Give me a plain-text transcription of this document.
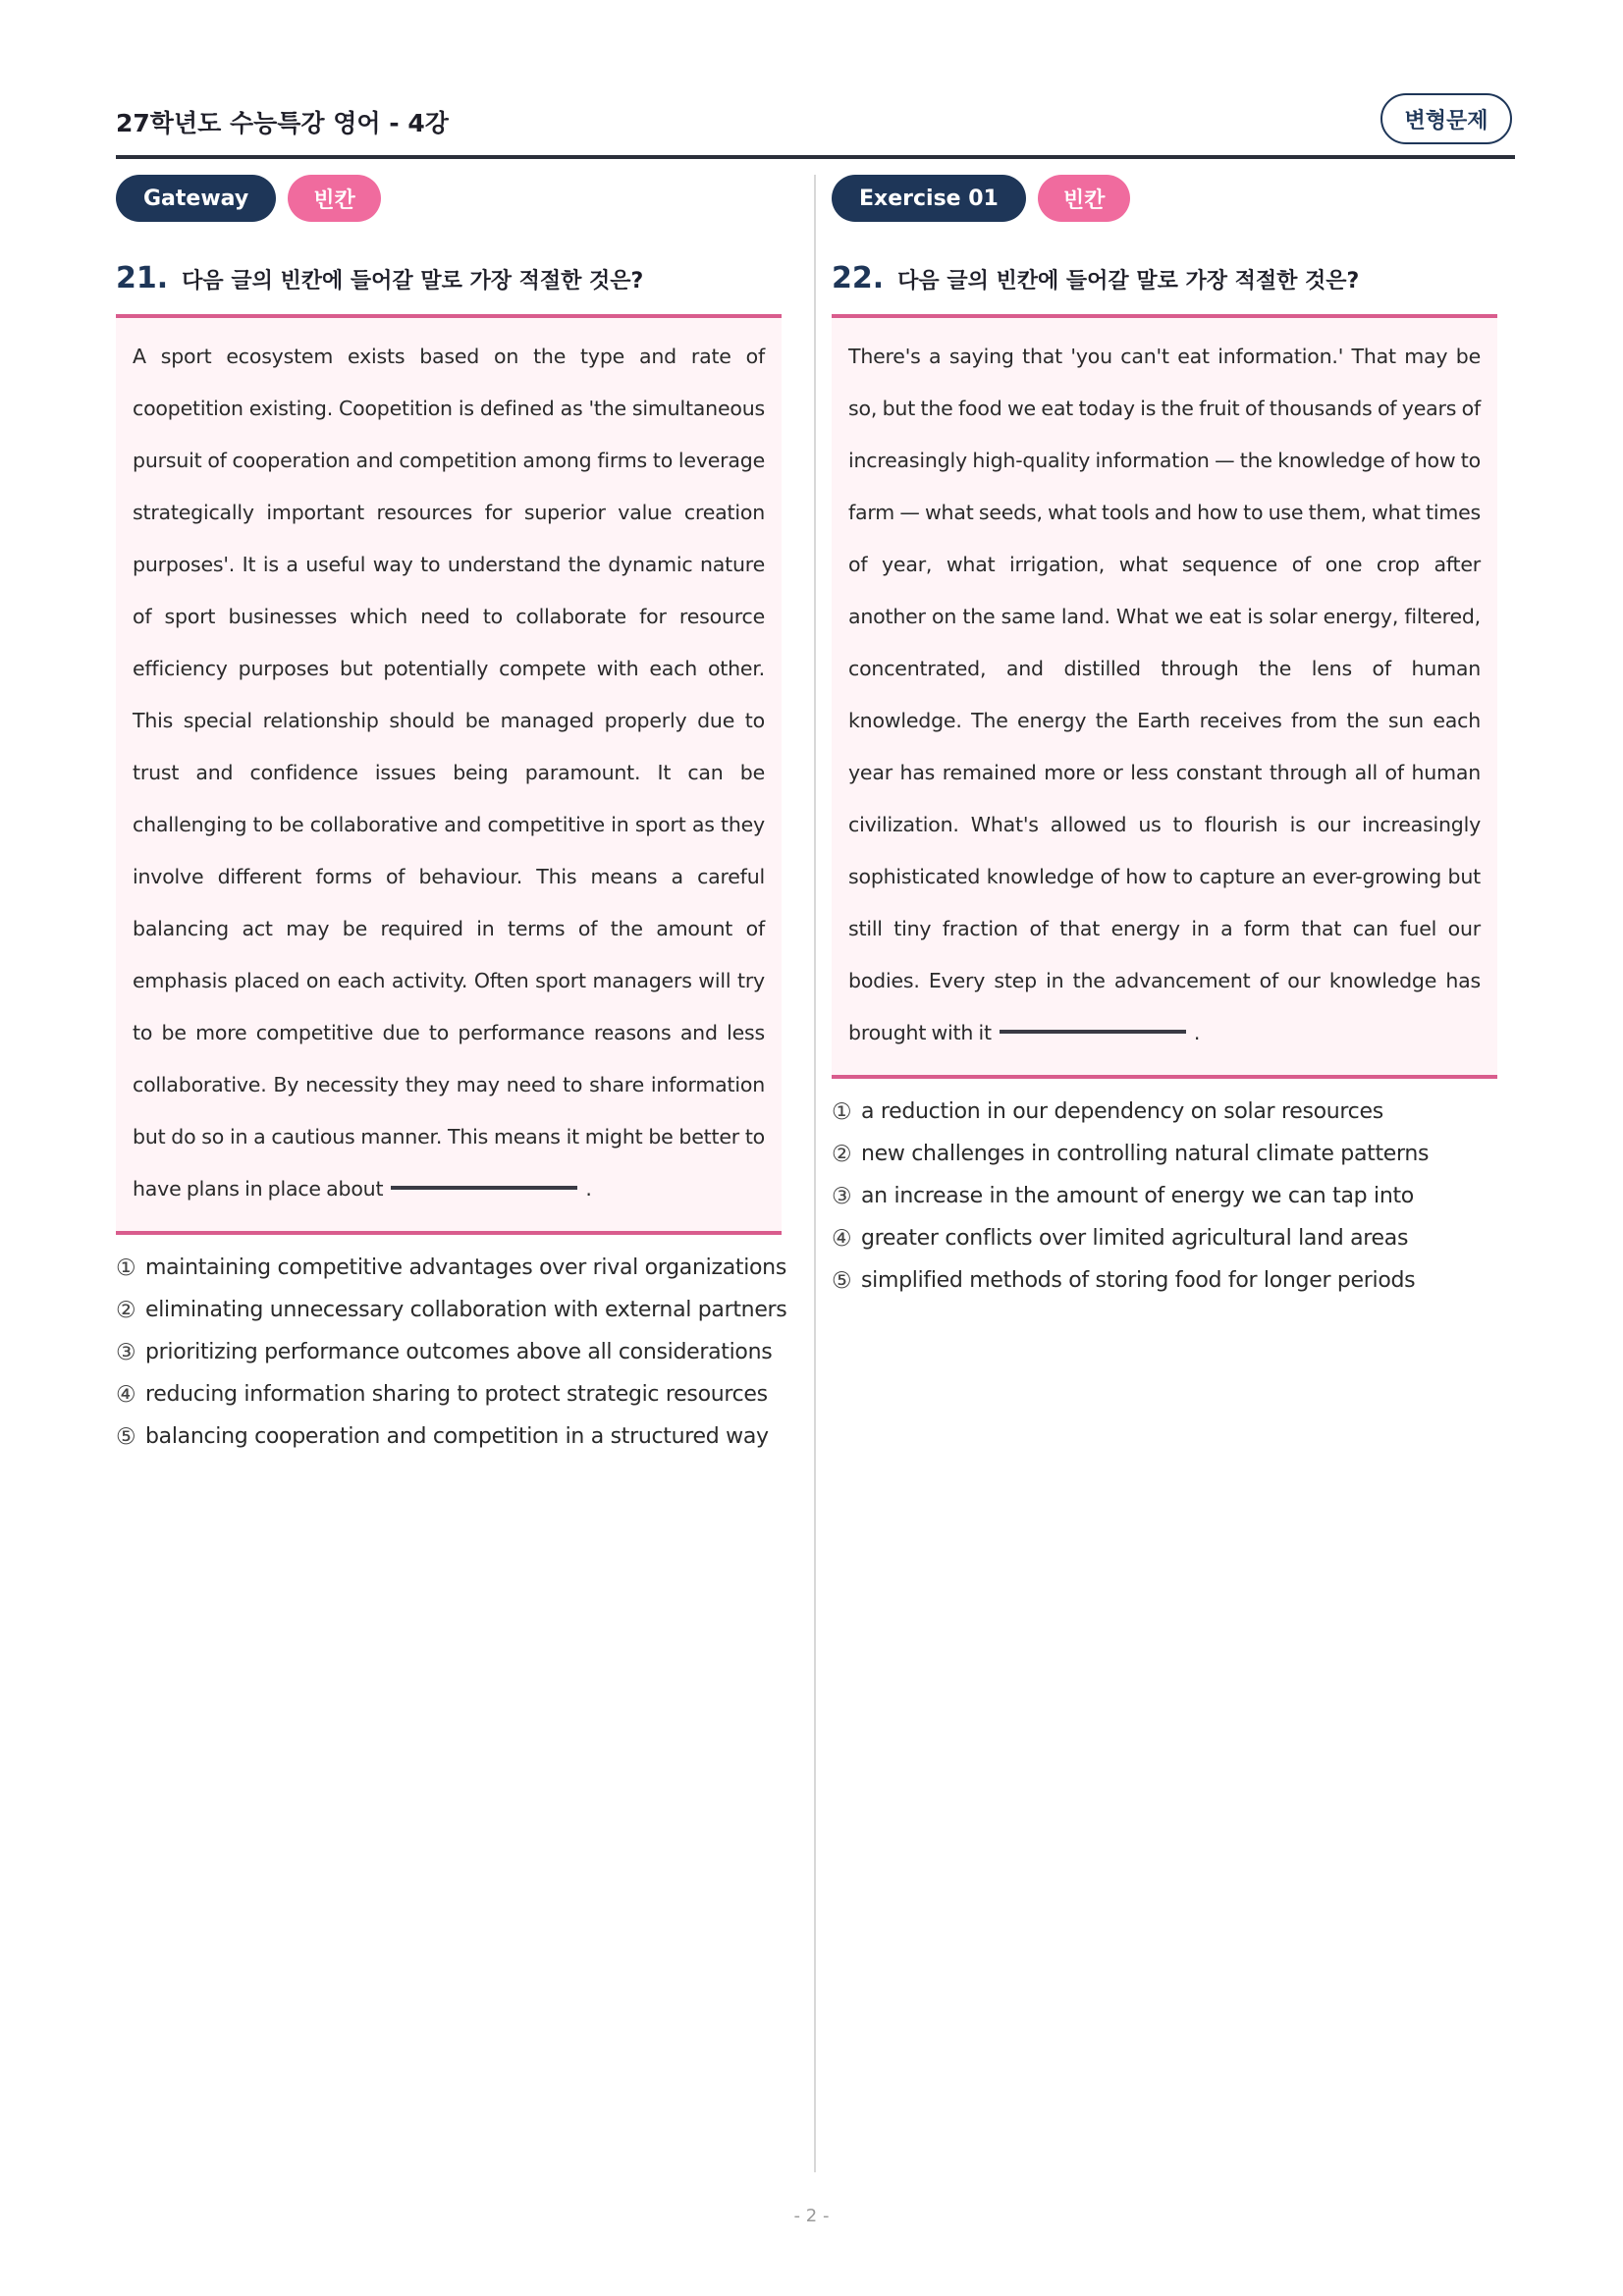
27학년도 수능특강 영어 - 4강	변형문제
Gateway	빈칸
21. 다음 글의 빈칸에 들어갈 말로 가장 적절한 것은?
A sport ecosystem exists based on the type and rate of coopetition existing. Coopetition is defined as 'the simultaneous pursuit of cooperation and competition among firms to leverage strategically important resources for superior value creation purposes'. It is a useful way to understand the dynamic nature of sport businesses which need to collaborate for resource efficiency purposes but potentially compete with each other. This special relationship should be managed properly due to trust and confidence issues being paramount. It can be challenging to be collaborative and competitive in sport as they involve different forms of behaviour. This means a careful balancing act may be required in terms of the amount of emphasis placed on each activity. Often sport managers will try to be more competitive due to performance reasons and less collaborative. By necessity they may need to share information but do so in a cautious manner. This means it might be better to have plans in place about	.
① maintaining competitive advantages over rival organizations
② eliminating unnecessary collaboration with external partners
③ prioritizing performance outcomes above all considerations
④ reducing information sharing to protect strategic resources
⑤ balancing cooperation and competition in a structured way
Exercise 01	빈칸
22. 다음 글의 빈칸에 들어갈 말로 가장 적절한 것은?
There's a saying that 'you can't eat information.' That may be so, but the food we eat today is the fruit of thousands of years of increasingly high-quality information — the knowledge of how to farm — what seeds, what tools and how to use them, what times of year, what irrigation, what sequence of one crop after another on the same land. What we eat is solar energy, filtered, concentrated, and distilled through the lens of human knowledge. The energy the Earth receives from the sun each year has remained more or less constant through all of human civilization. What's allowed us to flourish is our increasingly sophisticated knowledge of how to capture an ever-growing but still tiny fraction of that energy in a form that can fuel our bodies. Every step in the advancement of our knowledge has brought with it	.
① a reduction in our dependency on solar resources
② new challenges in controlling natural climate patterns
③ an increase in the amount of energy we can tap into
④ greater conflicts over limited agricultural land areas
⑤ simplified methods of storing food for longer periods
- 2 -
